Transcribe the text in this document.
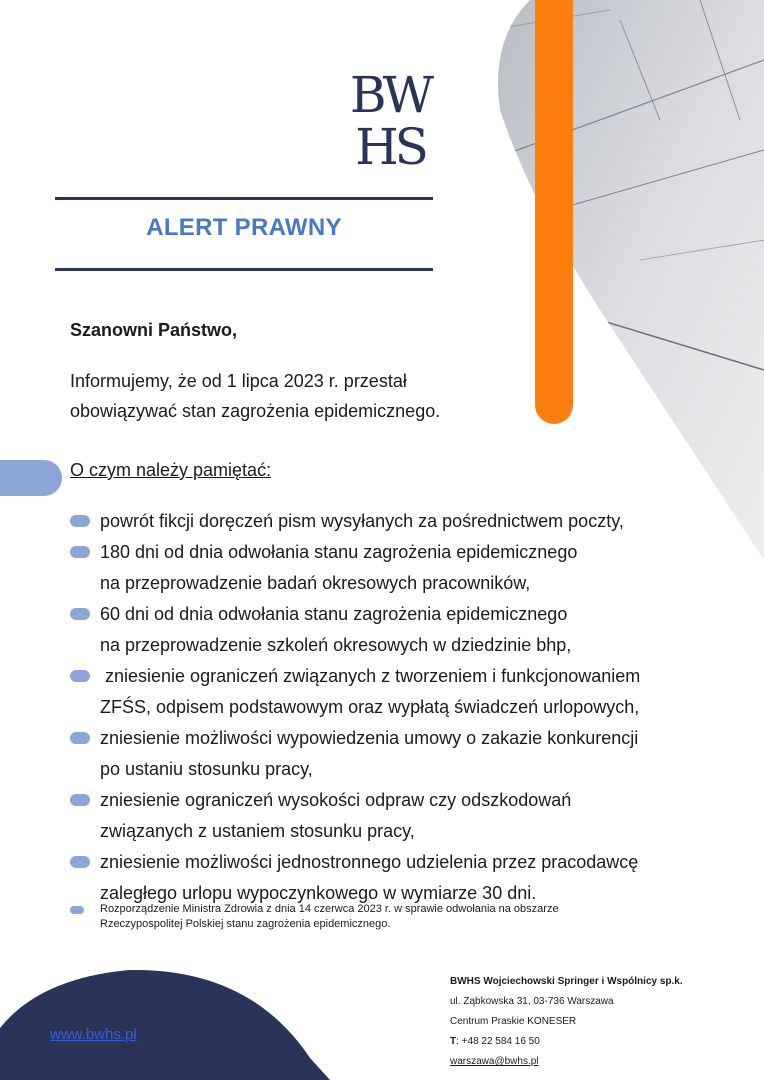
BW
HS
ALERT PRAWNY
Szanowni Państwo,
Informujemy, że od 1 lipca 2023 r. przestał
obowiązywać stan zagrożenia epidemicznego.
O czym należy pamiętać:
powrót fikcji doręczeń pism wysyłanych za pośrednictwem poczty,
180 dni od dnia odwołania stanu zagrożenia epidemicznego
na przeprowadzenie badań okresowych pracowników,
60 dni od dnia odwołania stanu zagrożenia epidemicznego
na przeprowadzenie szkoleń okresowych w dziedzinie bhp,
zniesienie ograniczeń związanych z tworzeniem i funkcjonowaniem
ZFŚS, odpisem podstawowym oraz wypłatą świadczeń urlopowych,
zniesienie możliwości wypowiedzenia umowy o zakazie konkurencji
po ustaniu stosunku pracy,
zniesienie ograniczeń wysokości odpraw czy odszkodowań
związanych z ustaniem stosunku pracy,
zniesienie możliwości jednostronnego udzielenia przez pracodawcę
zaległego urlopu wypoczynkowego w wymiarze 30 dni.
Rozporządzenie Ministra Zdrowia z dnia 14 czerwca 2023 r. w sprawie odwołania na obszarze
Rzeczypospolitej Polskiej stanu zagrożenia epidemicznego.
www.bwhs.pl
BWHS Wojciechowski Springer i Wspólnicy sp.k.
ul. Ząbkowska 31, 03-736 Warszawa
Centrum Praskie KONESER
T: +48 22 584 16 50
warszawa@bwhs.pl
